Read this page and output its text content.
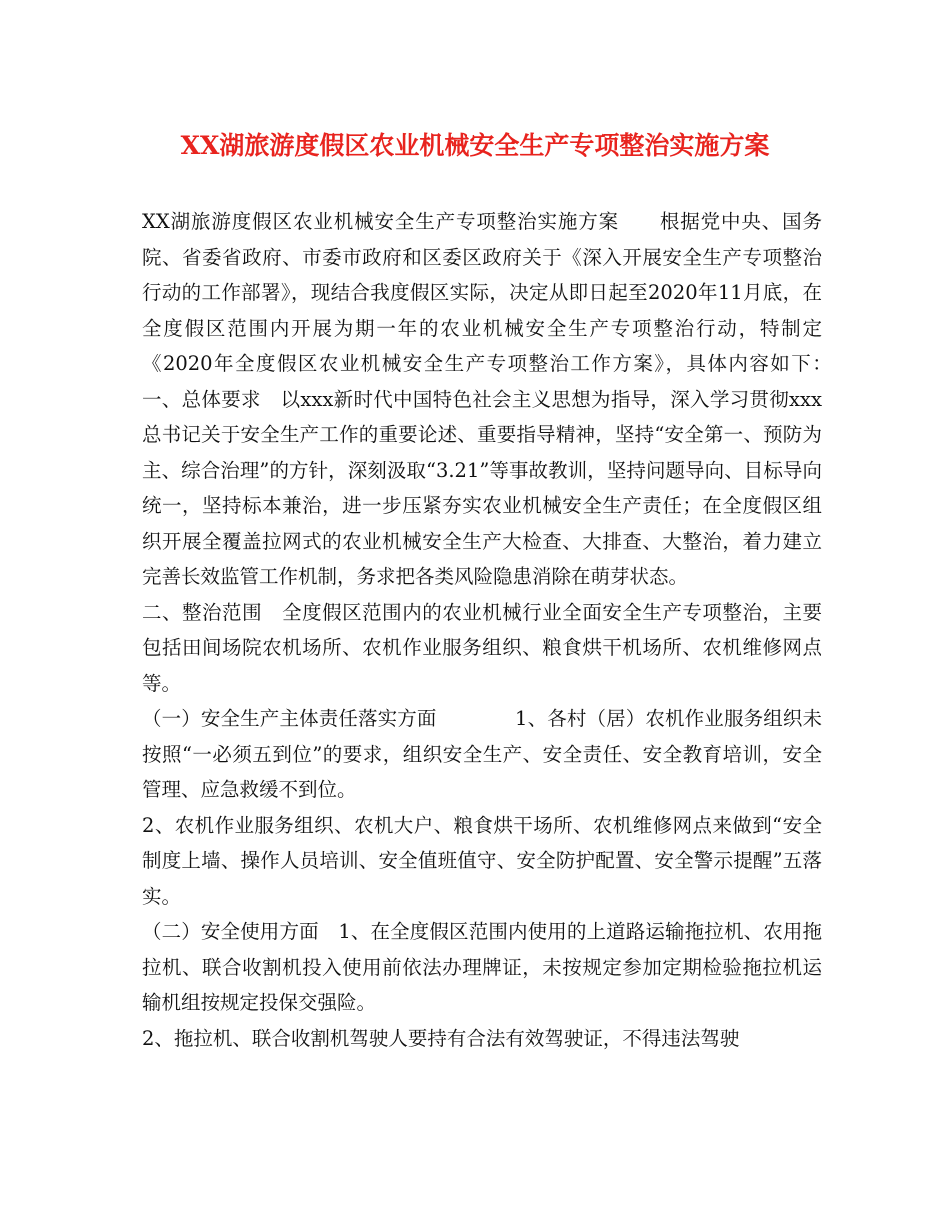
XX湖旅游度假区农业机械安全生产专项整治实施方案

XX湖旅游度假区农业机械安全生产专项整治实施方案　　根据党中央、国务院、省委省政府、市委市政府和区委区政府关于《深入开展安全生产专项整治行动的工作部署》，现结合我度假区实际，决定从即日起至2020年11月底，在全度假区范围内开展为期一年的农业机械安全生产专项整治行动，特制定《2020年全度假区农业机械安全生产专项整治工作方案》，具体内容如下：　一、总体要求　以xxx新时代中国特色社会主义思想为指导，深入学习贯彻xxx总书记关于安全生产工作的重要论述、重要指导精神，坚持“安全第一、预防为主、综合治理”的方针，深刻汲取“3.21”等事故教训，坚持问题导向、目标导向统一，坚持标本兼治，进一步压紧夯实农业机械安全生产责任；在全度假区组织开展全覆盖拉网式的农业机械安全生产大检查、大排查、大整治，着力建立完善长效监管工作机制，务求把各类风险隐患消除在萌芽状态。

二、整治范围　全度假区范围内的农业机械行业全面安全生产专项整治，主要包括田间场院农机场所、农机作业服务组织、粮食烘干机场所、农机维修网点等。

（一）安全生产主体责任落实方面　　　　1、各村（居）农机作业服务组织未按照“一必须五到位”的要求，组织安全生产、安全责任、安全教育培训，安全管理、应急救缓不到位。

2、农机作业服务组织、农机大户、粮食烘干场所、农机维修网点来做到“安全制度上墙、操作人员培训、安全值班值守、安全防护配置、安全警示提醒”五落实。

（二）安全使用方面　1、在全度假区范围内使用的上道路运输拖拉机、农用拖拉机、联合收割机投入使用前依法办理牌证，未按规定参加定期检验拖拉机运输机组按规定投保交强险。

2、拖拉机、联合收割机驾驶人要持有合法有效驾驶证，不得违法驾驶
